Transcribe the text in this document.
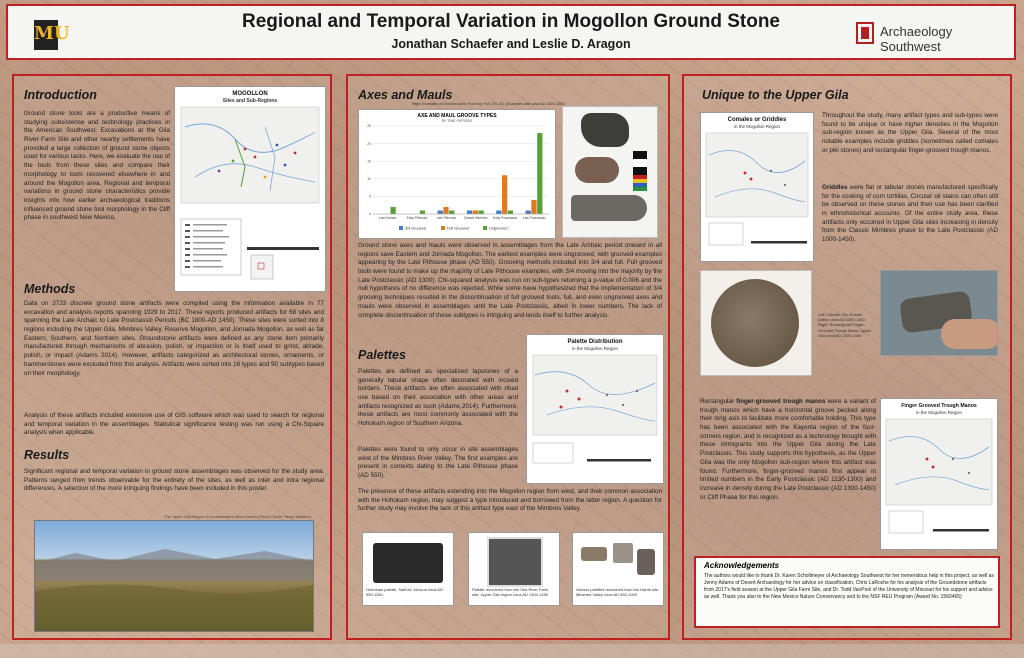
MU
Regional and Temporal Variation in Mogollon Ground Stone
Jonathan Schaefer and Leslie D. Aragon
Archaeology Southwest
Introduction

Ground stone tools are a productive means of studying subsistence and technology practices in the American Southwest. Excavations at the Gila River Farm Site and other nearby settlements have provided a large collection of ground stone objects used for various tasks. Here, we evaluate the use of the tools from these sites and compare their morphology to tools recovered elsewhere in and around the Mogollon area. Regional and temporal variations in ground stone characteristics provide insights into how earlier archaeological traditions influenced ground stone tool morphology in the Cliff phase in southwest New Mexico.

MOGOLLON
Sites and Sub-Regions
Methods

Data on 3733 discrete ground stone artifacts were compiled using the information available in 77 excavation and analysis reports spanning 1929 to 2017. These reports produced artifacts for 68 sites and spanning the Late Archaic to Late Postclassic Periods (BC 1800-AD 1450). These sites were sorted into 8 regions including the Upper Gila, Mimbres Valley, Reserve Mogollon, and Jornada Mogollon, as well as far Eastern, Southern, and Northern sites. Groundstone artifacts were defined as any stone item primarily manufactured through mechanisms of abrasion, polish, or impaction or is itself used to grind, abrade, polish, or impact (Adams 2014). However, artifacts categorized as architectural stones, ornaments, or hammerstones were excluded from this analysis. Artifacts were sorted into 16 types and 90 subtypes based on their morphology.

Analysis of these artifacts included extensive use of GIS software which was used to search for regional and temporal variation in the assemblages. Statistical significance testing was run using a Chi-Square analysis when applicable.

Results

Significant regional and temporal variation in ground stone assemblages was observed for the study area. Patterns ranged from trends observable for the entirety of the sites, as well as inter and intra regional differences. A selection of the more intriguing findings have been included in this poster.

The Upper Gila Region in southwestern New Mexico (Photo Credit: Henry Wallace)
Axes and Mauls
Right: Examples of Grooved Axes; From top: Full, 3/4, 3/4. (Examples date circa AD 1300-1450)
AXE AND MAUL GROOVE TYPES
BY TIME PERIODS
0
5
10
15
20
25
Late Archaic	Early Pithouse	Late Pithouse Classic Mimbres Early Postclassic Late Postclassic
3/4 Grooved	Full Grooved	Ungrooved

Ground stone axes and mauls were observed in assemblages from the Late Archaic period onward in all regions save Eastern and Jornada Mogollon. The earliest examples were ungrooved, with grooved examples appearing by the Late Pithouse phase (AD 550). Grooving methods included into 3/4 and full. Full grooved tools were found to make up the majority of Late Pithouse examples, with 3/4 moving into the majority by the Late Postclassic (AD 1300). Chi-squared analysis was run on sub-types returning a p-value of 0.006 and the null hypothesis of no difference was rejected. While some have hypothesized that the implementation of 3/4 grooving techniques resulted in the discontinuation of full grooved tools, full, and even ungrooved axes and mauls were observed in assemblages until the Late Postclassic, albeit in lower numbers. The lack of complete discontinuation of these subtypes is intriguing and lends itself to further analysis.

Palettes

Palettes are defined as specialized lapstones of a generally tabular shape often decorated with incised borders. These artifacts are often associated with ritual use based on their association with other areas and artifacts recognized as such (Adams 2014). Furthermore, these artifacts are most commonly associated with the Hohokam region of Southern Arizona.

Palettes were found to only occur in site assemblages west of the Mimbres River Valley. The first examples are present in contexts dating to the Late Pithouse phase (AD 550).

Palette Distribution
in the Mogollon Region

The presence of these artifacts extending into the Mogollon region from west, and their common association with the Hohokam region, may suggest a type introduced and borrowed from the latter region. A question for further study may involve the lack of this artifact type east of the Mimbres Valley.

Hohokam palette, Safford, Arizona circa AD 950-1150.
Palette recovered from the Gila River Farm site, Upper Gila region circa AD 1300-1450
Various palettes recovered from the Harris site, Mimbres Valley circa AD 650-1000
Unique to the Upper Gila
Comales or Griddles
in the Mogollon Region

Throughout the study, many artifact types and sub-types were found to be unique or have higher densities in the Mogollon sub-region known as the Upper Gila. Several of the most notable examples include griddles (sometimes called comales or piki stones) and rectangular finger-grooved trough manos.

Griddles were flat or tabular stones manufactured specifically for the cooking of corn tortillas. Circular oil stains can often still be observed on these stones and their use has been clarified in ethnohistorical accounts. Of the entire study area, these artifacts only occurred in Upper Gila sites increasing in density from the Classic Mimbres phase to the Late Postclassic (AD 1000-1450).

Left: Griddle, Rio Grande Valley circa AD 1300-1450. Right: Rectangular Finger-Grooved Trough Mano, Upper Gila circa AD 1300-1450

Rectangular finger-grooved trough manos were a variant of trough manos which have a horizontal groove pecked along their long axis to facilitate more comfortable holding. This type has been associated with the Kayenta region of the four-corners region, and is recognized as a technology brought with these immigrants into the Upper Gila during the Late Postclassic. This study supports this hypothesis, as the Upper Gila was the only Mogollon sub-region where this artifact was found. Furthermore, finger-grooved manos first appear in limited numbers in the Early Postclassic (AD 1130-1300) and increase in density during the Late Postclassic (AD 1300-1450) or Cliff Phase for this region.

Finger Grooved Trough Manos
in the Mogollon Region
Acknowledgements

The authors would like to thank Dr. Karen Schollmeyer of Archaeology Southwest for her tremendous help in this project, as well as Jenny Adams of Desert Archaeology for her advice on classification, Chris LaRoche for his analysis of the Groundstone artifacts from 2017's field season at the Upper Gila Farm Site, and Dr. Todd VanPool of the University of Missouri for his support and advice as well. Thank you also to the New Mexico Nature Conservancy and to the NSF REU Program (Award No. 1560465)
